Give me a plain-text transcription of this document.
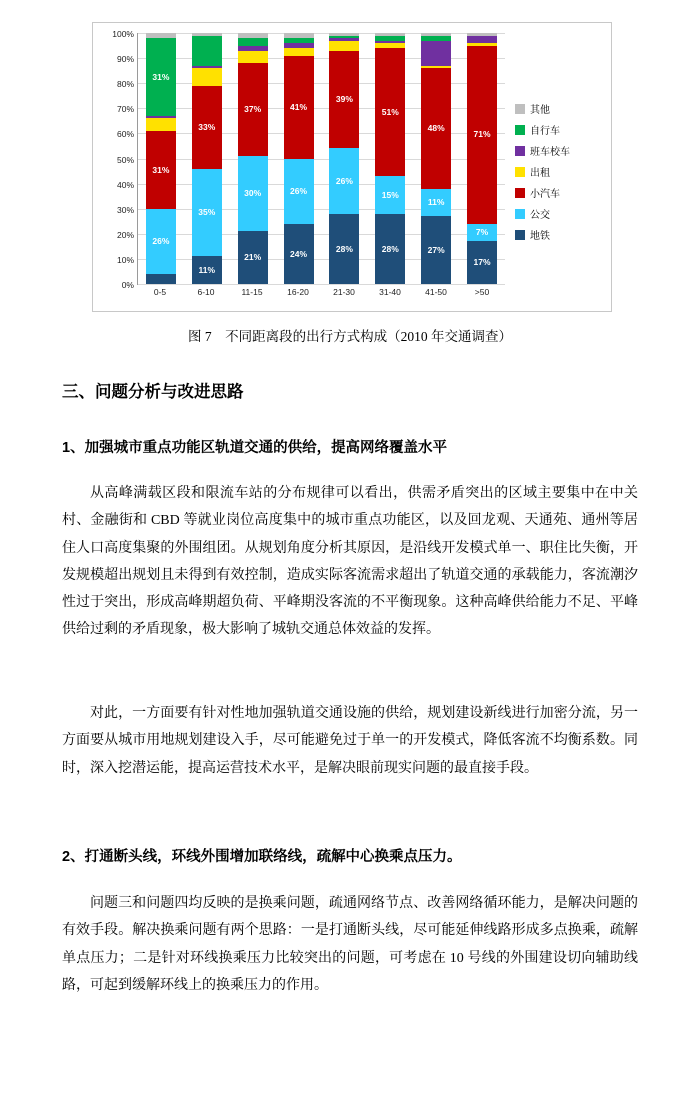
0%
10%
20%
30%
40%
50%
60%
70%
80%
90%
100%
26%
31%
31%
11%
35%
33%
21%
30%
37%
24%
26%
41%
28%
26%
39%
28%
15%
51%
27%
11%
48%
17%
7%
71%
0-5	6-10	11-15	16-20	21-30	31-40	41-50	>50
其他
自行车
班车校车
出租
小汽车
公交
地铁
图 7　不同距离段的出行方式构成（2010 年交通调查）
三、问题分析与改进思路
1、加强城市重点功能区轨道交通的供给，提高网络覆盖水平

从高峰满载区段和限流车站的分布规律可以看出，供需矛盾突出的区域主要集中在中关村、金融街和 CBD 等就业岗位高度集中的城市重点功能区，以及回龙观、天通苑、通州等居住人口高度集聚的外围组团。从规划角度分析其原因，是沿线开发模式单一、职住比失衡，开发规模超出规划且未得到有效控制，造成实际客流需求超出了轨道交通的承载能力，客流潮汐性过于突出，形成高峰期超负荷、平峰期没客流的不平衡现象。这种高峰供给能力不足、平峰供给过剩的矛盾现象，极大影响了城轨交通总体效益的发挥。

对此，一方面要有针对性地加强轨道交通设施的供给，规划建设新线进行加密分流，另一方面要从城市用地规划建设入手，尽可能避免过于单一的开发模式，降低客流不均衡系数。同时，深入挖潜运能，提高运营技术水平，是解决眼前现实问题的最直接手段。

2、打通断头线，环线外围增加联络线，疏解中心换乘点压力。

问题三和问题四均反映的是换乘问题，疏通网络节点、改善网络循环能力，是解决问题的有效手段。解决换乘问题有两个思路：一是打通断头线，尽可能延伸线路形成多点换乘，疏解单点压力；二是针对环线换乘压力比较突出的问题，可考虑在 10 号线的外围建设切向辅助线路，可起到缓解环线上的换乘压力的作用。
